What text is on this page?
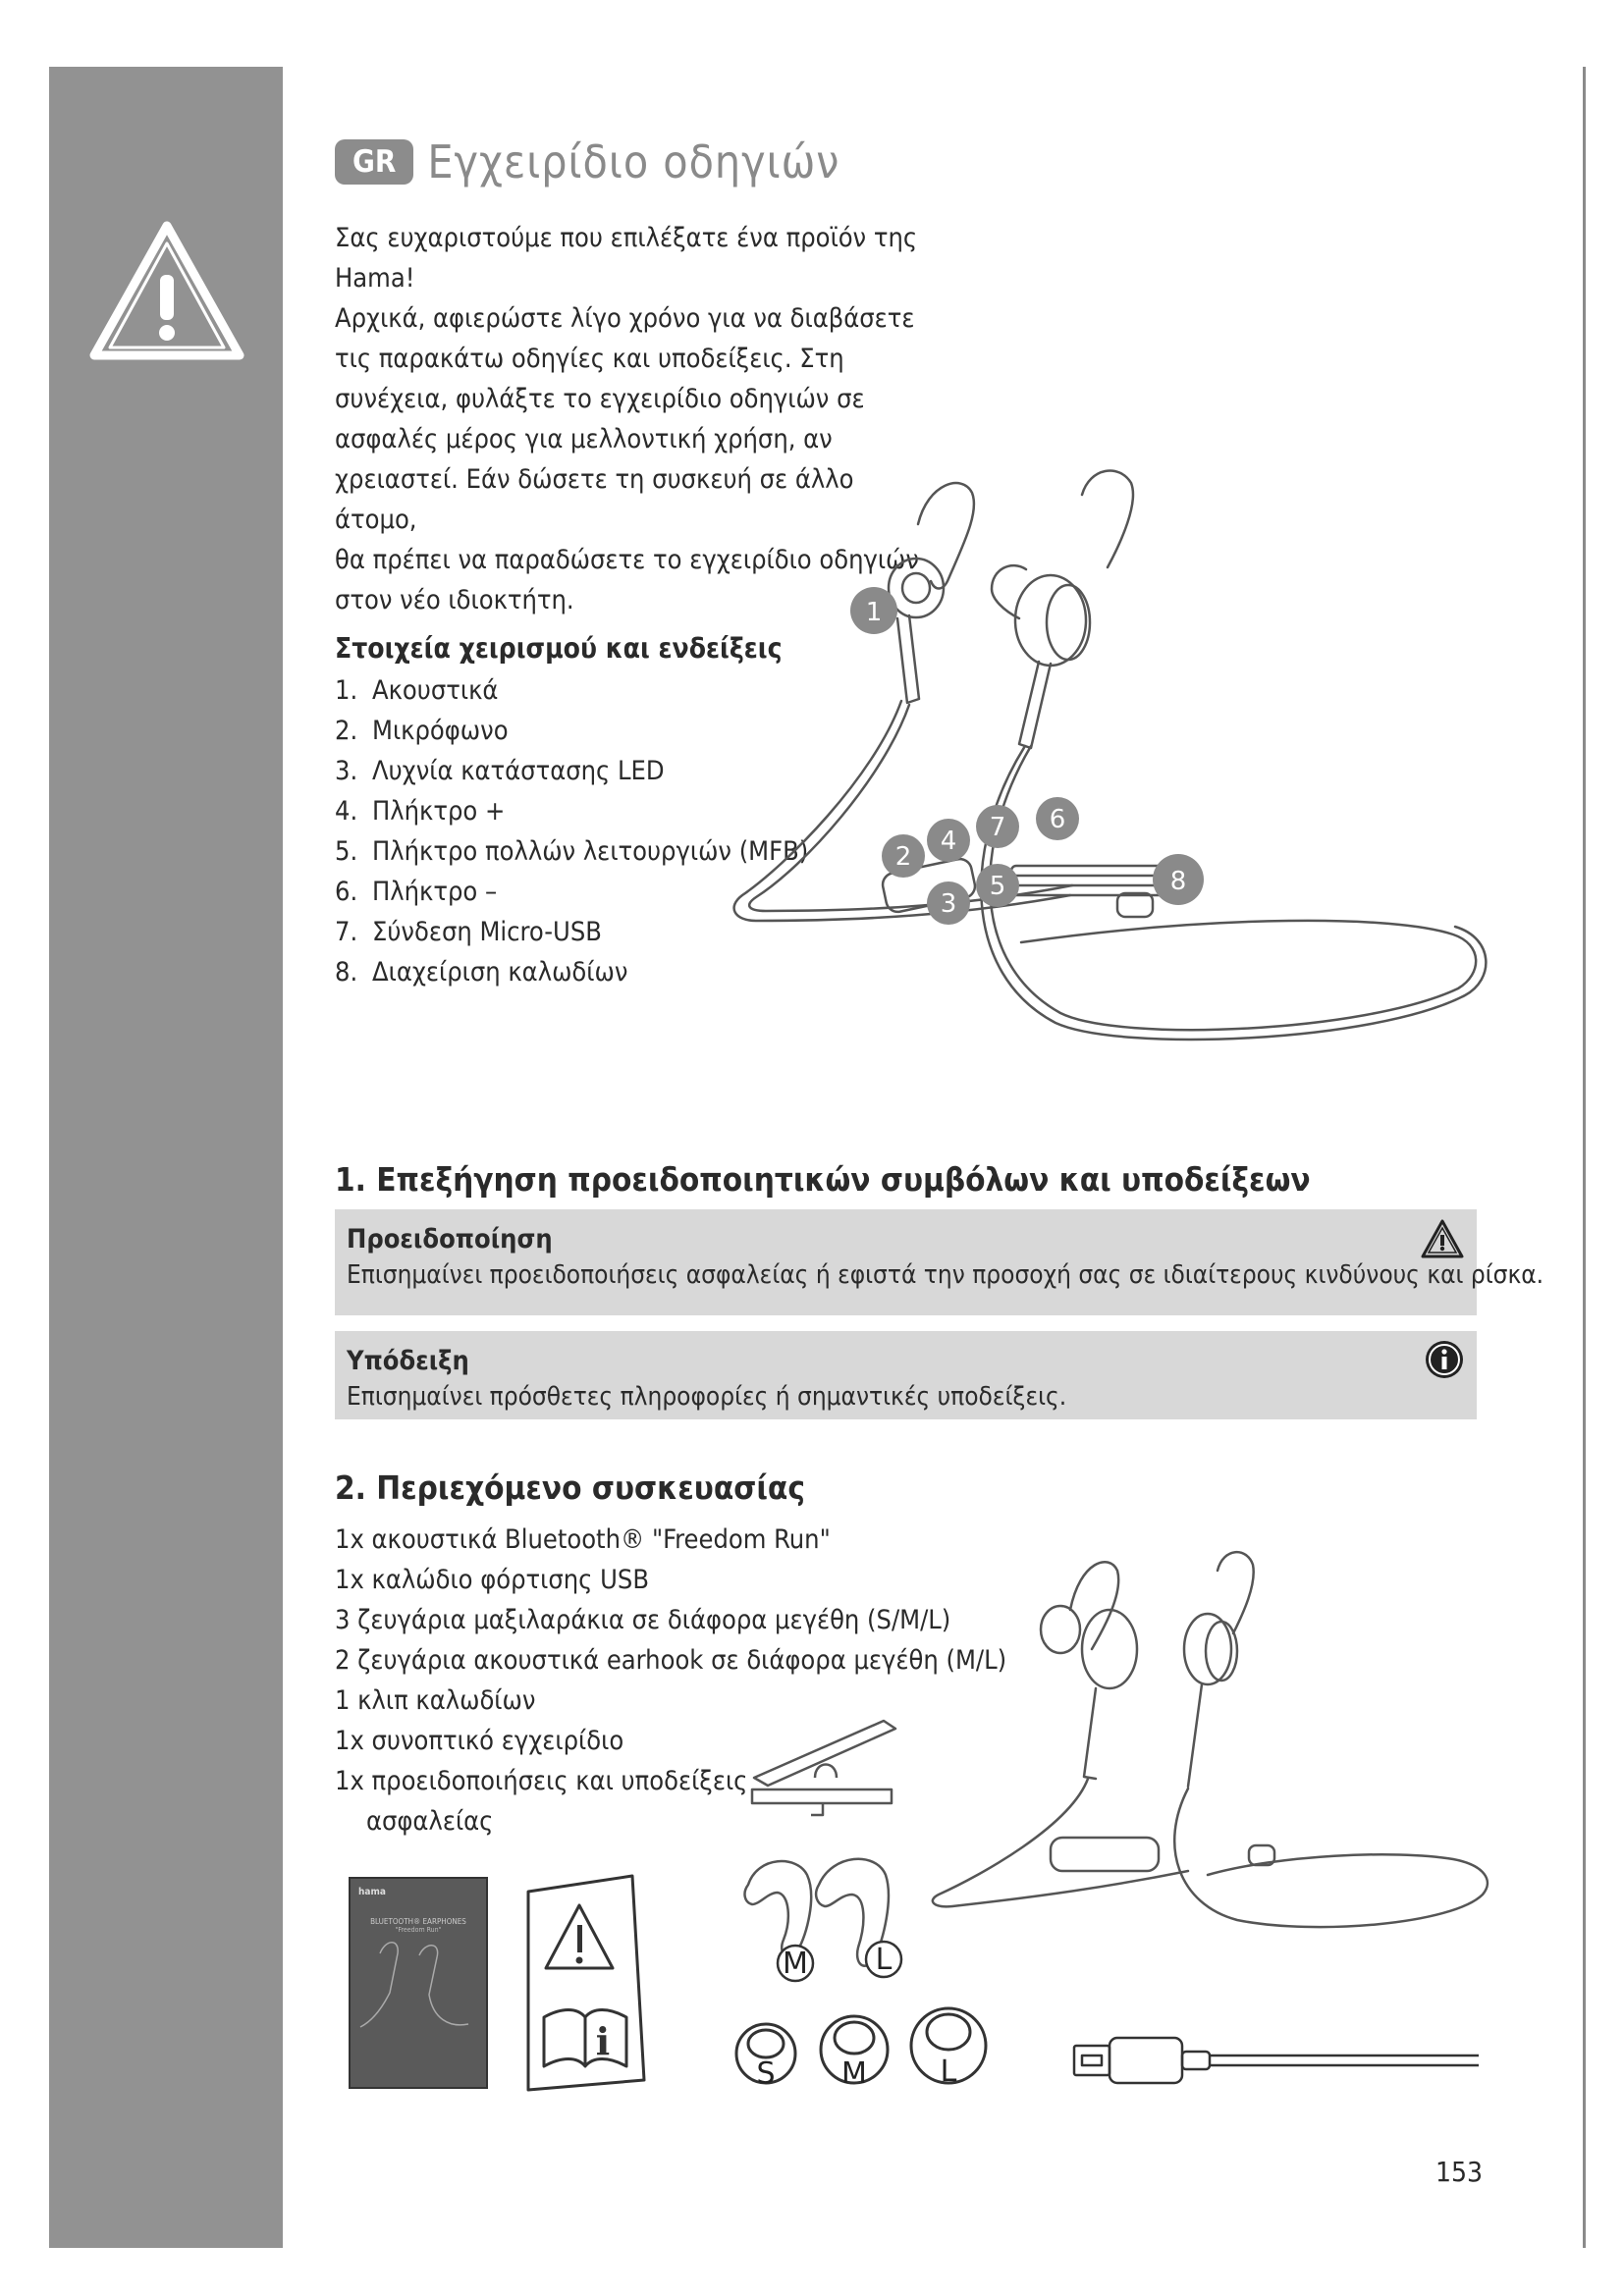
GR Εγχειρίδιο οδηγιών

Σας ευχαριστούμε που επιλέξατε ένα προϊόν της

Hama!

Αρχικά, αφιερώστε λίγο χρόνο για να διαβάσετε

τις παρακάτω οδηγίες και υποδείξεις. Στη

συνέχεια, φυλάξτε το εγχειρίδιο οδηγιών σε

ασφαλές μέρος για μελλοντική χρήση, αν

χρειαστεί. Εάν δώσετε τη συσκευή σε άλλο άτομο,

θα πρέπει να παραδώσετε το εγχειρίδιο οδηγιών

στον νέο ιδιοκτήτη.

Στοιχεία χειρισμού και ενδείξεις
1. Ακουστικά
2. Μικρόφωνο
3. Λυχνία κατάστασης LED
4. Πλήκτρο +
5. Πλήκτρο πολλών λειτουργιών (MFB)
6. Πλήκτρο –
7. Σύνδεση Micro-USB
8. Διαχείριση καλωδίων
1
2
3
4
5
6
7
8
1. Επεξήγηση προειδοποιητικών συμβόλων και υποδείξεων
Προειδοποίηση
Επισημαίνει προειδοποιήσεις ασφαλείας ή εφιστά την προσοχή σας σε ιδιαίτερους κινδύνους και ρίσκα.
Υπόδειξη
Επισημαίνει πρόσθετες πληροφορίες ή σημαντικές υποδείξεις.
2. Περιεχόμενο συσκευασίας
1x ακουστικά Bluetooth® "Freedom Run"
1x καλώδιο φόρτισης USB
3 ζευγάρια μαξιλαράκια σε διάφορα μεγέθη (S/M/L)
2 ζευγάρια ακουστικά earhook σε διάφορα μεγέθη (M/L)
1 κλιπ καλωδίων
1x συνοπτικό εγχειρίδιο
1x προειδοποιήσεις και υποδείξεις
ασφαλείας
hama
BLUETOOTH® EARPHONES
"Freedom Run"
i
M L
S M L
153
